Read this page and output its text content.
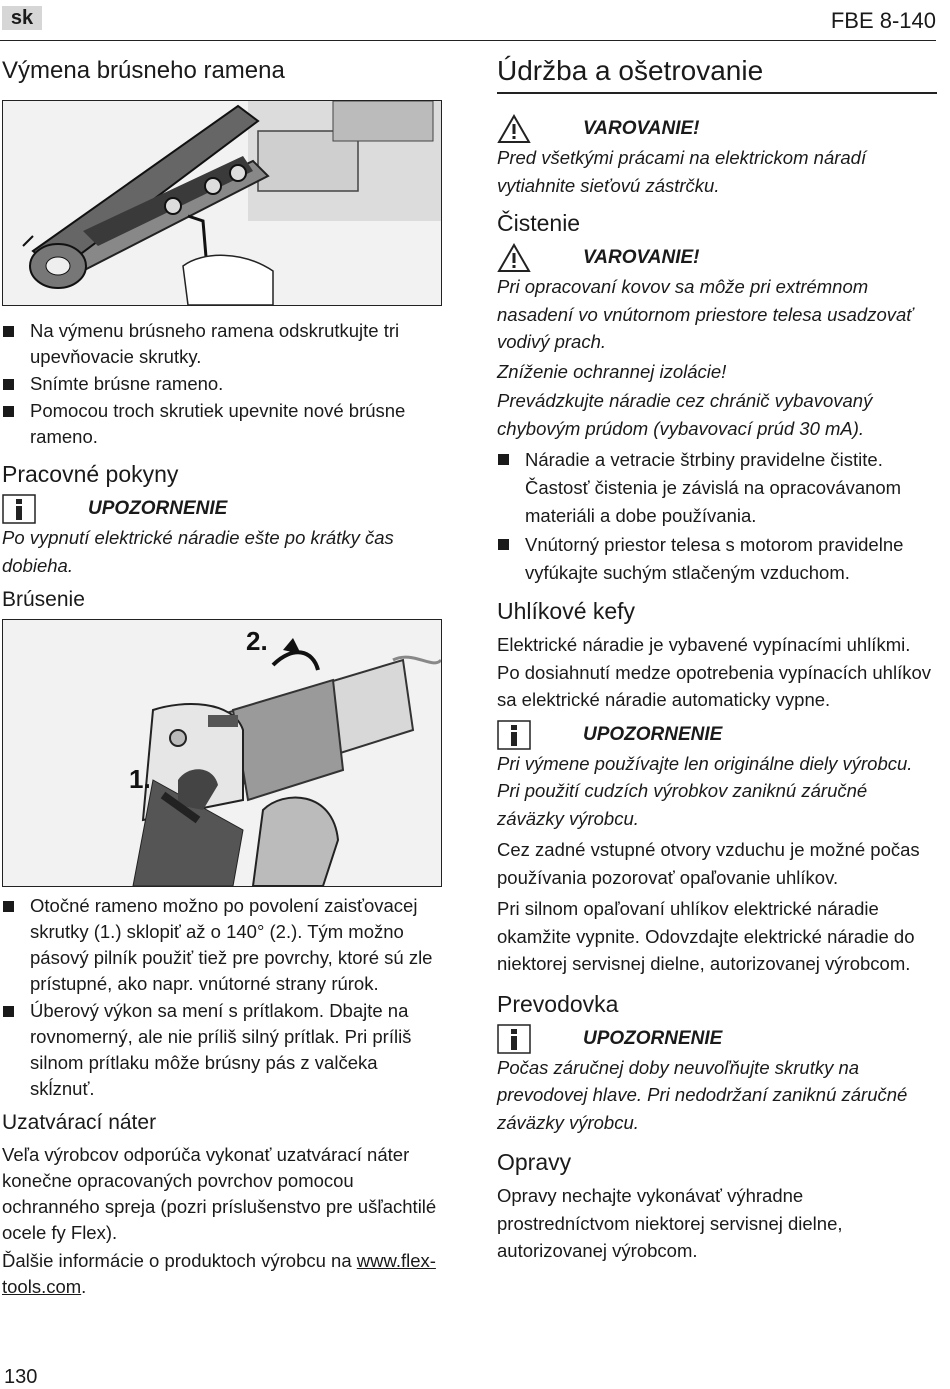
sk	FBE 8-140
Výmena brúsneho ramena
Na výmenu brúsneho ramena odskrutkujte tri upevňovacie skrutky.
Snímte brúsne rameno.
Pomocou troch skrutiek upevnite nové brúsne rameno.
Pracovné pokyny
UPOZORNENIE

Po vypnutí elektrické náradie ešte po krátky čas dobieha.

Brúsenie
2.
1.
Otočné rameno možno po povolení zaisťovacej skrutky (1.) sklopiť až o 140° (2.). Tým možno pásový pilník použiť tiež pre povrchy, ktoré sú zle prístupné, ako napr. vnútorné strany rúrok.
Úberový výkon sa mení s prítlakom. Dbajte na rovnomerný, ale nie príliš silný prítlak. Pri príliš silnom prítlaku môže brúsny pás z valčeka skĺznuť.
Uzatvárací náter

Veľa výrobcov odporúča vykonať uzatvárací náter konečne opracovaných povrchov pomocou ochranného spreja (pozri príslušenstvo pre ušľachtilé ocele fy Flex).

Ďalšie informácie o produktoch výrobcu na www.flex-tools.com.

Údržba a ošetrovanie
VAROVANIE!

Pred všetkými prácami na elektrickom náradí vytiahnite sieťovú zástrčku.

Čistenie
VAROVANIE!

Pri opracovaní kovov sa môže pri extrémnom nasadení vo vnútornom priestore telesa usadzovať vodivý prach.

Zníženie ochrannej izolácie!

Prevádzkujte náradie cez chránič vybavovaný chybovým prúdom (vybavovací prúd 30 mA).

Náradie a vetracie štrbiny pravidelne čistite. Častosť čistenia je závislá na opracovávanom materiáli a dobe používania.
Vnútorný priestor telesa s motorom pravidelne vyfúkajte suchým stlačeným vzduchom.
Uhlíkové kefy

Elektrické náradie je vybavené vypínacími uhlíkmi. Po dosiahnutí medze opotrebenia vypínacích uhlíkov sa elektrické náradie automaticky vypne.

UPOZORNENIE

Pri výmene používajte len originálne diely výrobcu. Pri použití cudzích výrobkov zaniknú záručné záväzky výrobcu.

Cez zadné vstupné otvory vzduchu je možné počas používania pozorovať opaľovanie uhlíkov.

Pri silnom opaľovaní uhlíkov elektrické náradie okamžite vypnite. Odovzdajte elektrické náradie do niektorej servisnej dielne, autorizovanej výrobcom.

Prevodovka
UPOZORNENIE

Počas záručnej doby neuvoľňujte skrutky na prevodovej hlave. Pri nedodržaní zaniknú záručné záväzky výrobcu.

Opravy

Opravy nechajte vykonávať výhradne prostredníctvom niektorej servisnej dielne, autorizovanej výrobcom.

130
